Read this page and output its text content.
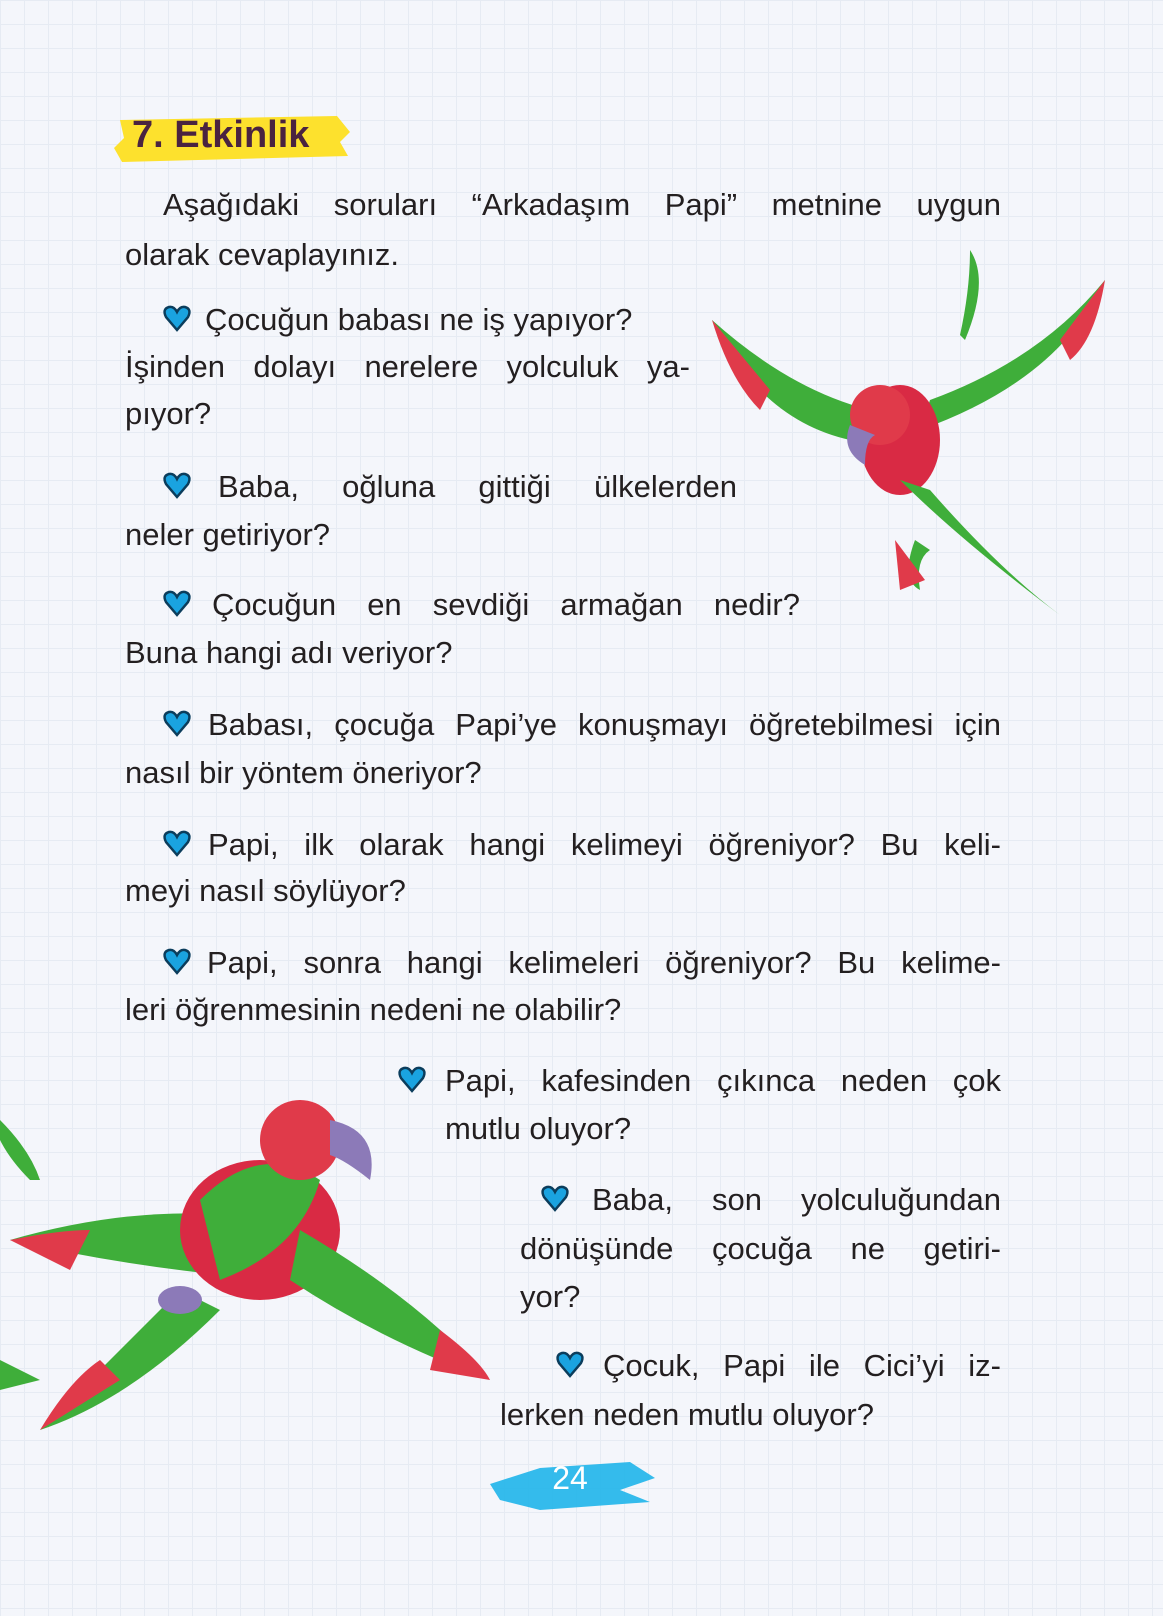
7. Etkinlik
Aşağıdaki soruları “Arkadaşım Papi” metnine uygun
olarak cevaplayınız.
Çocuğun babası ne iş yapıyor?
İşinden dolayı nerelere yolculuk ya-
pıyor?
Baba, oğluna gittiği ülkelerden
neler getiriyor?
Çocuğun en sevdiği armağan nedir?
Buna hangi adı veriyor?
Babası, çocuğa Papi’ye konuşmayı öğretebilmesi için
nasıl bir yöntem öneriyor?
Papi, ilk olarak hangi kelimeyi öğreniyor? Bu keli-
meyi nasıl söylüyor?
Papi, sonra hangi kelimeleri öğreniyor? Bu kelime-
leri öğrenmesinin nedeni ne olabilir?
Papi, kafesinden çıkınca neden çok
mutlu oluyor?
Baba, son yolculuğundan
dönüşünde çocuğa ne getiri-
yor?
Çocuk, Papi ile Cici’yi iz-
lerken neden mutlu oluyor?
24
